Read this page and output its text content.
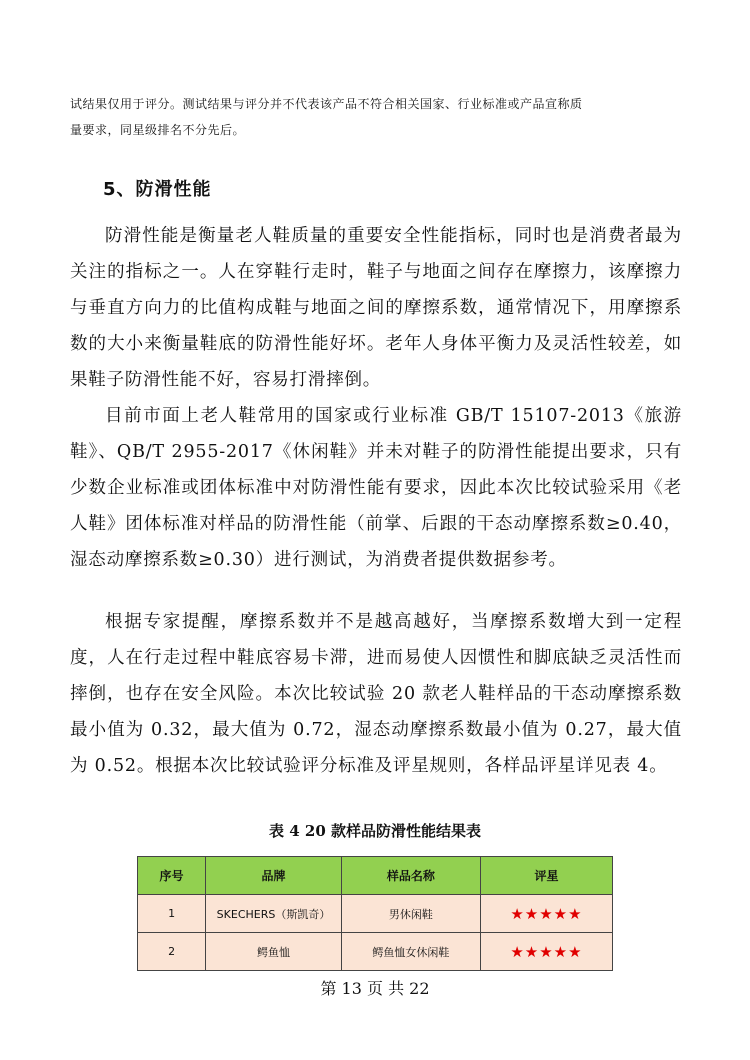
试结果仅用于评分。测试结果与评分并不代表该产品不符合相关国家、行业标准或产品宣称质

量要求，同星级排名不分先后。

5、防滑性能

防滑性能是衡量老人鞋质量的重要安全性能指标，同时也是消费者最为关注的指标之一。人在穿鞋行走时，鞋子与地面之间存在摩擦力，该摩擦力与垂直方向力的比值构成鞋与地面之间的摩擦系数，通常情况下，用摩擦系数的大小来衡量鞋底的防滑性能好坏。老年人身体平衡力及灵活性较差，如果鞋子防滑性能不好，容易打滑摔倒。

目前市面上老人鞋常用的国家或行业标准 GB/T 15107-2013《旅游鞋》、QB/T 2955-2017《休闲鞋》并未对鞋子的防滑性能提出要求，只有少数企业标准或团体标准中对防滑性能有要求，因此本次比较试验采用《老人鞋》团体标准对样品的防滑性能（前掌、后跟的干态动摩擦系数≥0.40，湿态动摩擦系数≥0.30）进行测试，为消费者提供数据参考。

根据专家提醒，摩擦系数并不是越高越好，当摩擦系数增大到一定程度，人在行走过程中鞋底容易卡滞，进而易使人因惯性和脚底缺乏灵活性而摔倒，也存在安全风险。本次比较试验 20 款老人鞋样品的干态动摩擦系数最小值为 0.32，最大值为 0.72，湿态动摩擦系数最小值为 0.27，最大值为 0.52。根据本次比较试验评分标准及评星规则，各样品评星详见表 4。

表 4 20 款样品防滑性能结果表

序号	品牌	样品名称	评星
1	SKECHERS（斯凯奇）	男休闲鞋	★★★★★
2	鳄鱼恤	鳄鱼恤女休闲鞋	★★★★★

第 13 页 共 22
